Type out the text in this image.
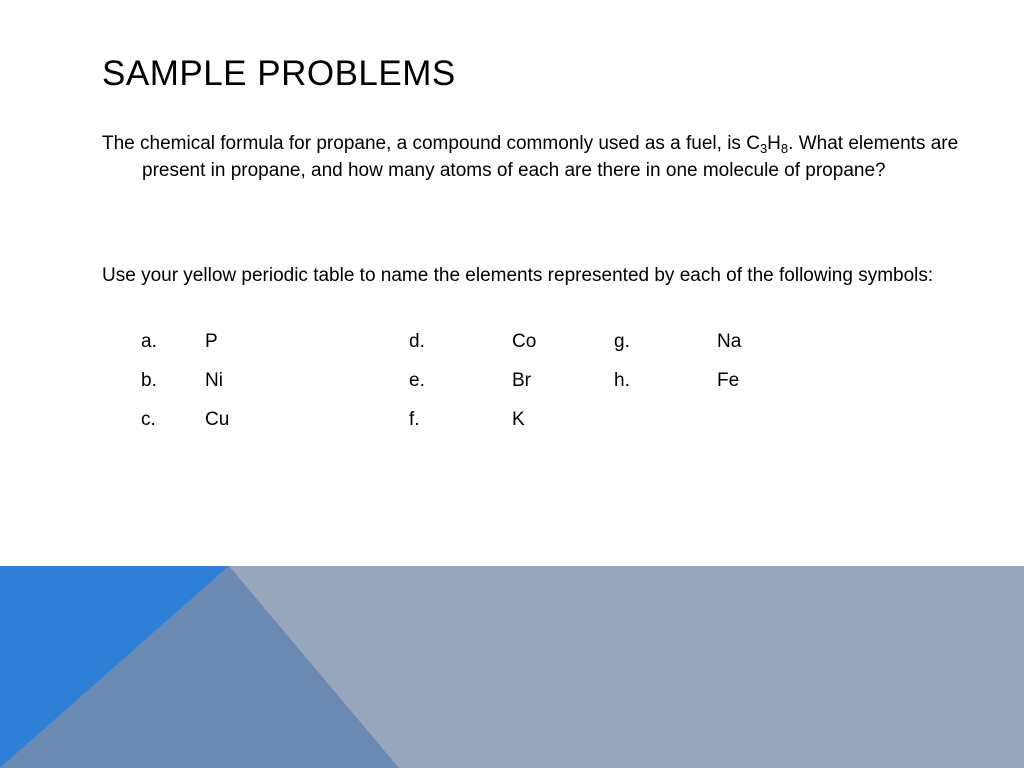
SAMPLE PROBLEMS

The chemical formula for propane, a compound commonly used as a fuel, is $C_3H_8$. What elements are present in propane, and how many atoms of each are there in one molecule of propane?

Use your yellow periodic table to name the elements represented by each of the following symbols:

a.	P
b.	Ni
c.	Cu
d.	Co
e.	Br
f.	K
g.	Na
h.	Fe
